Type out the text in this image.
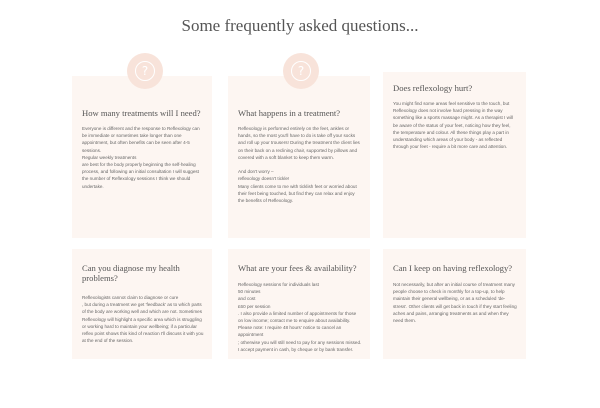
Some frequently asked questions...
How many treatments will I need?

Everyone is different and the response to Reflexology can be immediate or sometimes take longer than one appointment, but often benefits can be seen after 4-5 sessions.
Regular weekly treatments
are best for the body properly beginning the self-healing process, and following an initial consultation I will suggest the number of Reflexology sessions I think we should undertake.

?
What happens in a treatment?

Reflexology is performed entirely on the feet, ankles or hands, so the most you'll have to do is take off your socks and roll up your trousers! During the treatment the client lies on their back on a reclining chair, supported by pillows and covered with a soft blanket to keep them warm.

And don't worry –
reflexology doesn't tickle!
Many clients come to me with ticklish feet or worried about their feet being touched, but find they can relax and enjoy the benefits of Reflexology.

?
Does reflexology hurt?

You might find some areas feel sensitive to the touch, but Reflexology does not involve hard pressing in the way something like a sports massage might. As a therapist I will be aware of the status of your feet, noticing how they feel, the temperature and colour. All these things play a part in understanding which areas of your body - as reflected through your feet - require a bit more care and attention.

Can you diagnose my health problems?

Reflexologists cannot claim to diagnose or cure
, but during a treatment we get 'feedback' as to which parts of the body are working well and which are not. Sometimes Reflexology will highlight a specific area which is struggling or working hard to maintain your wellbeing; if a particular reflex point shows this kind of reaction I'll discuss it with you at the end of the session.

What are your fees & availability?

Reflexology sessions for individuals last
50 minutes
and cost
£60 per session
. I also provide a limited number of appointments for those on low income; contact me to enquire about availability.
Please note: I require 48 hours' notice to cancel an appointment
; otherwise you will still need to pay for any sessions missed. I accept payment in cash, by cheque or by bank transfer.

Can I keep on having reflexology?

Not necessarily, but after an initial course of treatment many people choose to check in monthly for a top-up, to help maintain their general wellbeing, or as a scheduled 'de-stress'. Other clients will get back in touch if they start feeling aches and pains, arranging treatments as and when they need them.
